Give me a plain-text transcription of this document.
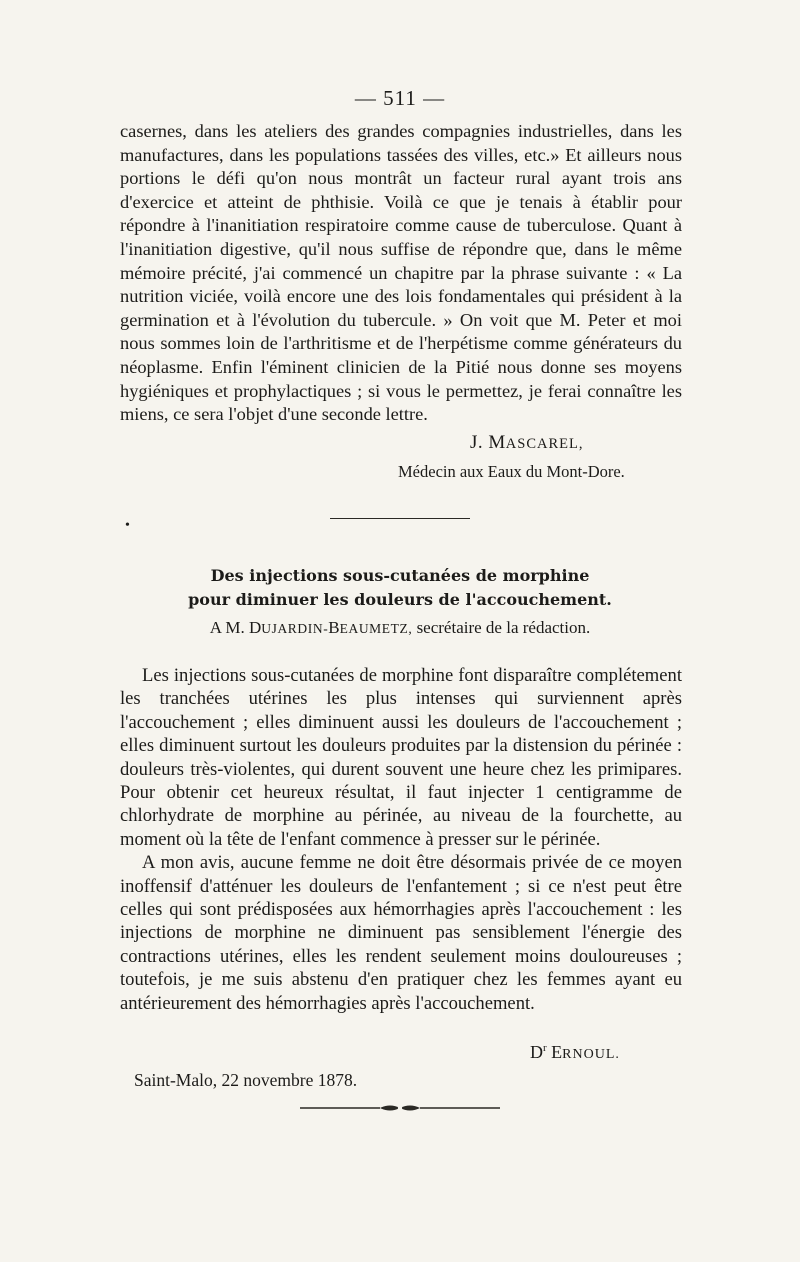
— 511 —

casernes, dans les ateliers des grandes compagnies industrielles, dans les manufactures, dans les populations tassées des villes, etc.» Et ailleurs nous portions le défi qu'on nous montrât un facteur rural ayant trois ans d'exercice et atteint de phthisie. Voilà ce que je tenais à établir pour répondre à l'inanitiation respiratoire comme cause de tuberculose. Quant à l'inanitiation digestive, qu'il nous suffise de répondre que, dans le même mémoire précité, j'ai commencé un chapitre par la phrase suivante : « La nutrition viciée, voilà encore une des lois fondamentales qui président à la germination et à l'évolution du tubercule. » On voit que M. Peter et moi nous sommes loin de l'arthritisme et de l'herpétisme comme générateurs du néoplasme. Enfin l'éminent clinicien de la Pitié nous donne ses moyens hygiéniques et prophylactiques ; si vous le permettez, je ferai connaître les miens, ce sera l'objet d'une seconde lettre.

J. MASCAREL,
Médecin aux Eaux du Mont-Dore.
•
Des injections sous-cutanées de morphine
pour diminuer les douleurs de l'accouchement.
A M. DUJARDIN-BEAUMETZ, secrétaire de la rédaction.

Les injections sous-cutanées de morphine font disparaître complétement les tranchées utérines les plus intenses qui surviennent après l'accouchement ; elles diminuent aussi les douleurs de l'accouchement ; elles diminuent surtout les douleurs produites par la distension du périnée : douleurs très-violentes, qui durent souvent une heure chez les primipares. Pour obtenir cet heureux résultat, il faut injecter 1 centigramme de chlorhydrate de morphine au périnée, au niveau de la fourchette, au moment où la tête de l'enfant commence à presser sur le périnée.

A mon avis, aucune femme ne doit être désormais privée de ce moyen inoffensif d'atténuer les douleurs de l'enfantement ; si ce n'est peut être celles qui sont prédisposées aux hémorrhagies après l'accouchement : les injections de morphine ne diminuent pas sensiblement l'énergie des contractions utérines, elles les rendent seulement moins douloureuses ; toutefois, je me suis abstenu d'en pratiquer chez les femmes ayant eu antérieurement des hémorrhagies après l'accouchement.

$D^r$ ERNOUL.
Saint-Malo, 22 novembre 1878.
